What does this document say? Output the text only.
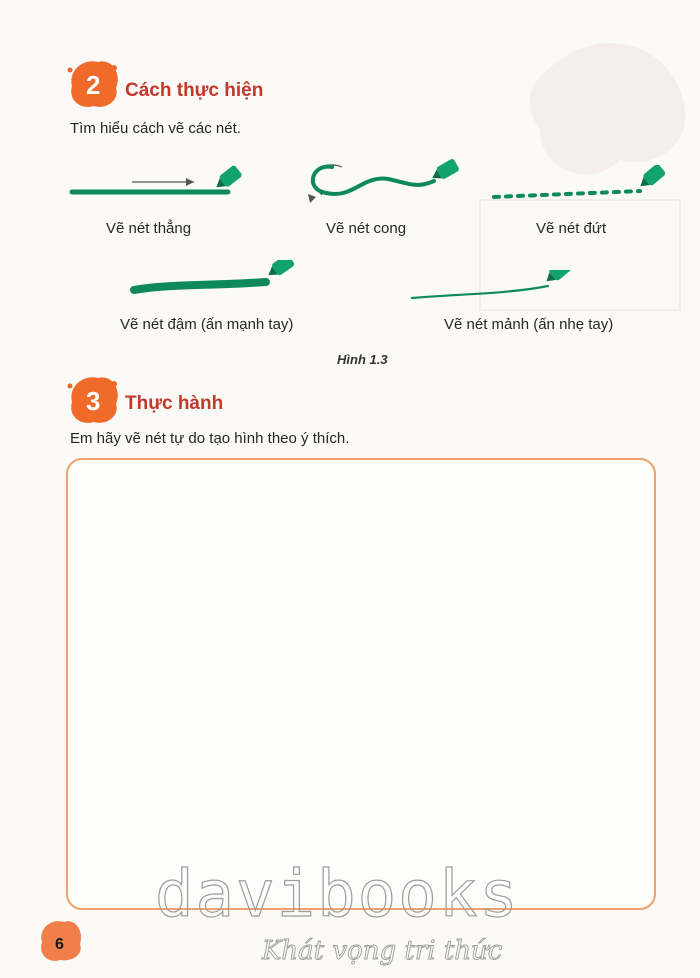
2 Cách thực hiện
Tìm hiểu cách vẽ các nét.
Vẽ nét thẳng	Vẽ nét cong	Vẽ nét đứt
Vẽ nét đậm (ấn mạnh tay)	Vẽ nét mảnh (ấn nhẹ tay)
Hình 1.3
3 Thực hành
Em hãy vẽ nét tự do tạo hình theo ý thích.
6
davibooks
Khát vọng tri thức
